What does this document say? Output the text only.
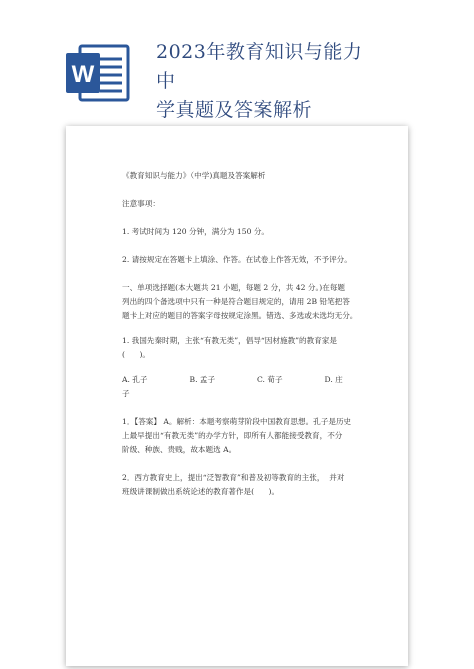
W
2023年教育知识与能力中
学真题及答案解析

《教育知识与能力》（中学)真题及答案解析

注意事项：

1. 考试时间为 120 分钟，满分为 150 分。

2. 请按规定在答题卡上填涂、作答。在试卷上作答无效，不予评分。

一、单项选择题(本大题共 21 小题，每题 2 分，共 42 分。)在每题

列出的四个备选项中只有一种是符合题目规定的，请用 2B 铅笔把答

题卡上对应的题目的答案字母按规定涂黑。错选、多选或未选均无分。

1. 我国先秦时期，主张“有教无类”，倡导“因材施教”的教育家是

(      )。

A. 孔子	B. 孟子	C. 荀子	D. 庄

子

1．【答案】 A。解析：本题考察萌芽阶段中国教育思想。孔子是历史

上最早提出“有教无类”的办学方针，即所有人都能接受教育，不分

阶级、种族、贵贱，故本题选 A。

2．西方教育史上，提出“泛智教育”和普及初等教育的主张，  并对

班级讲课制做出系统论述的教育著作是(      )。
